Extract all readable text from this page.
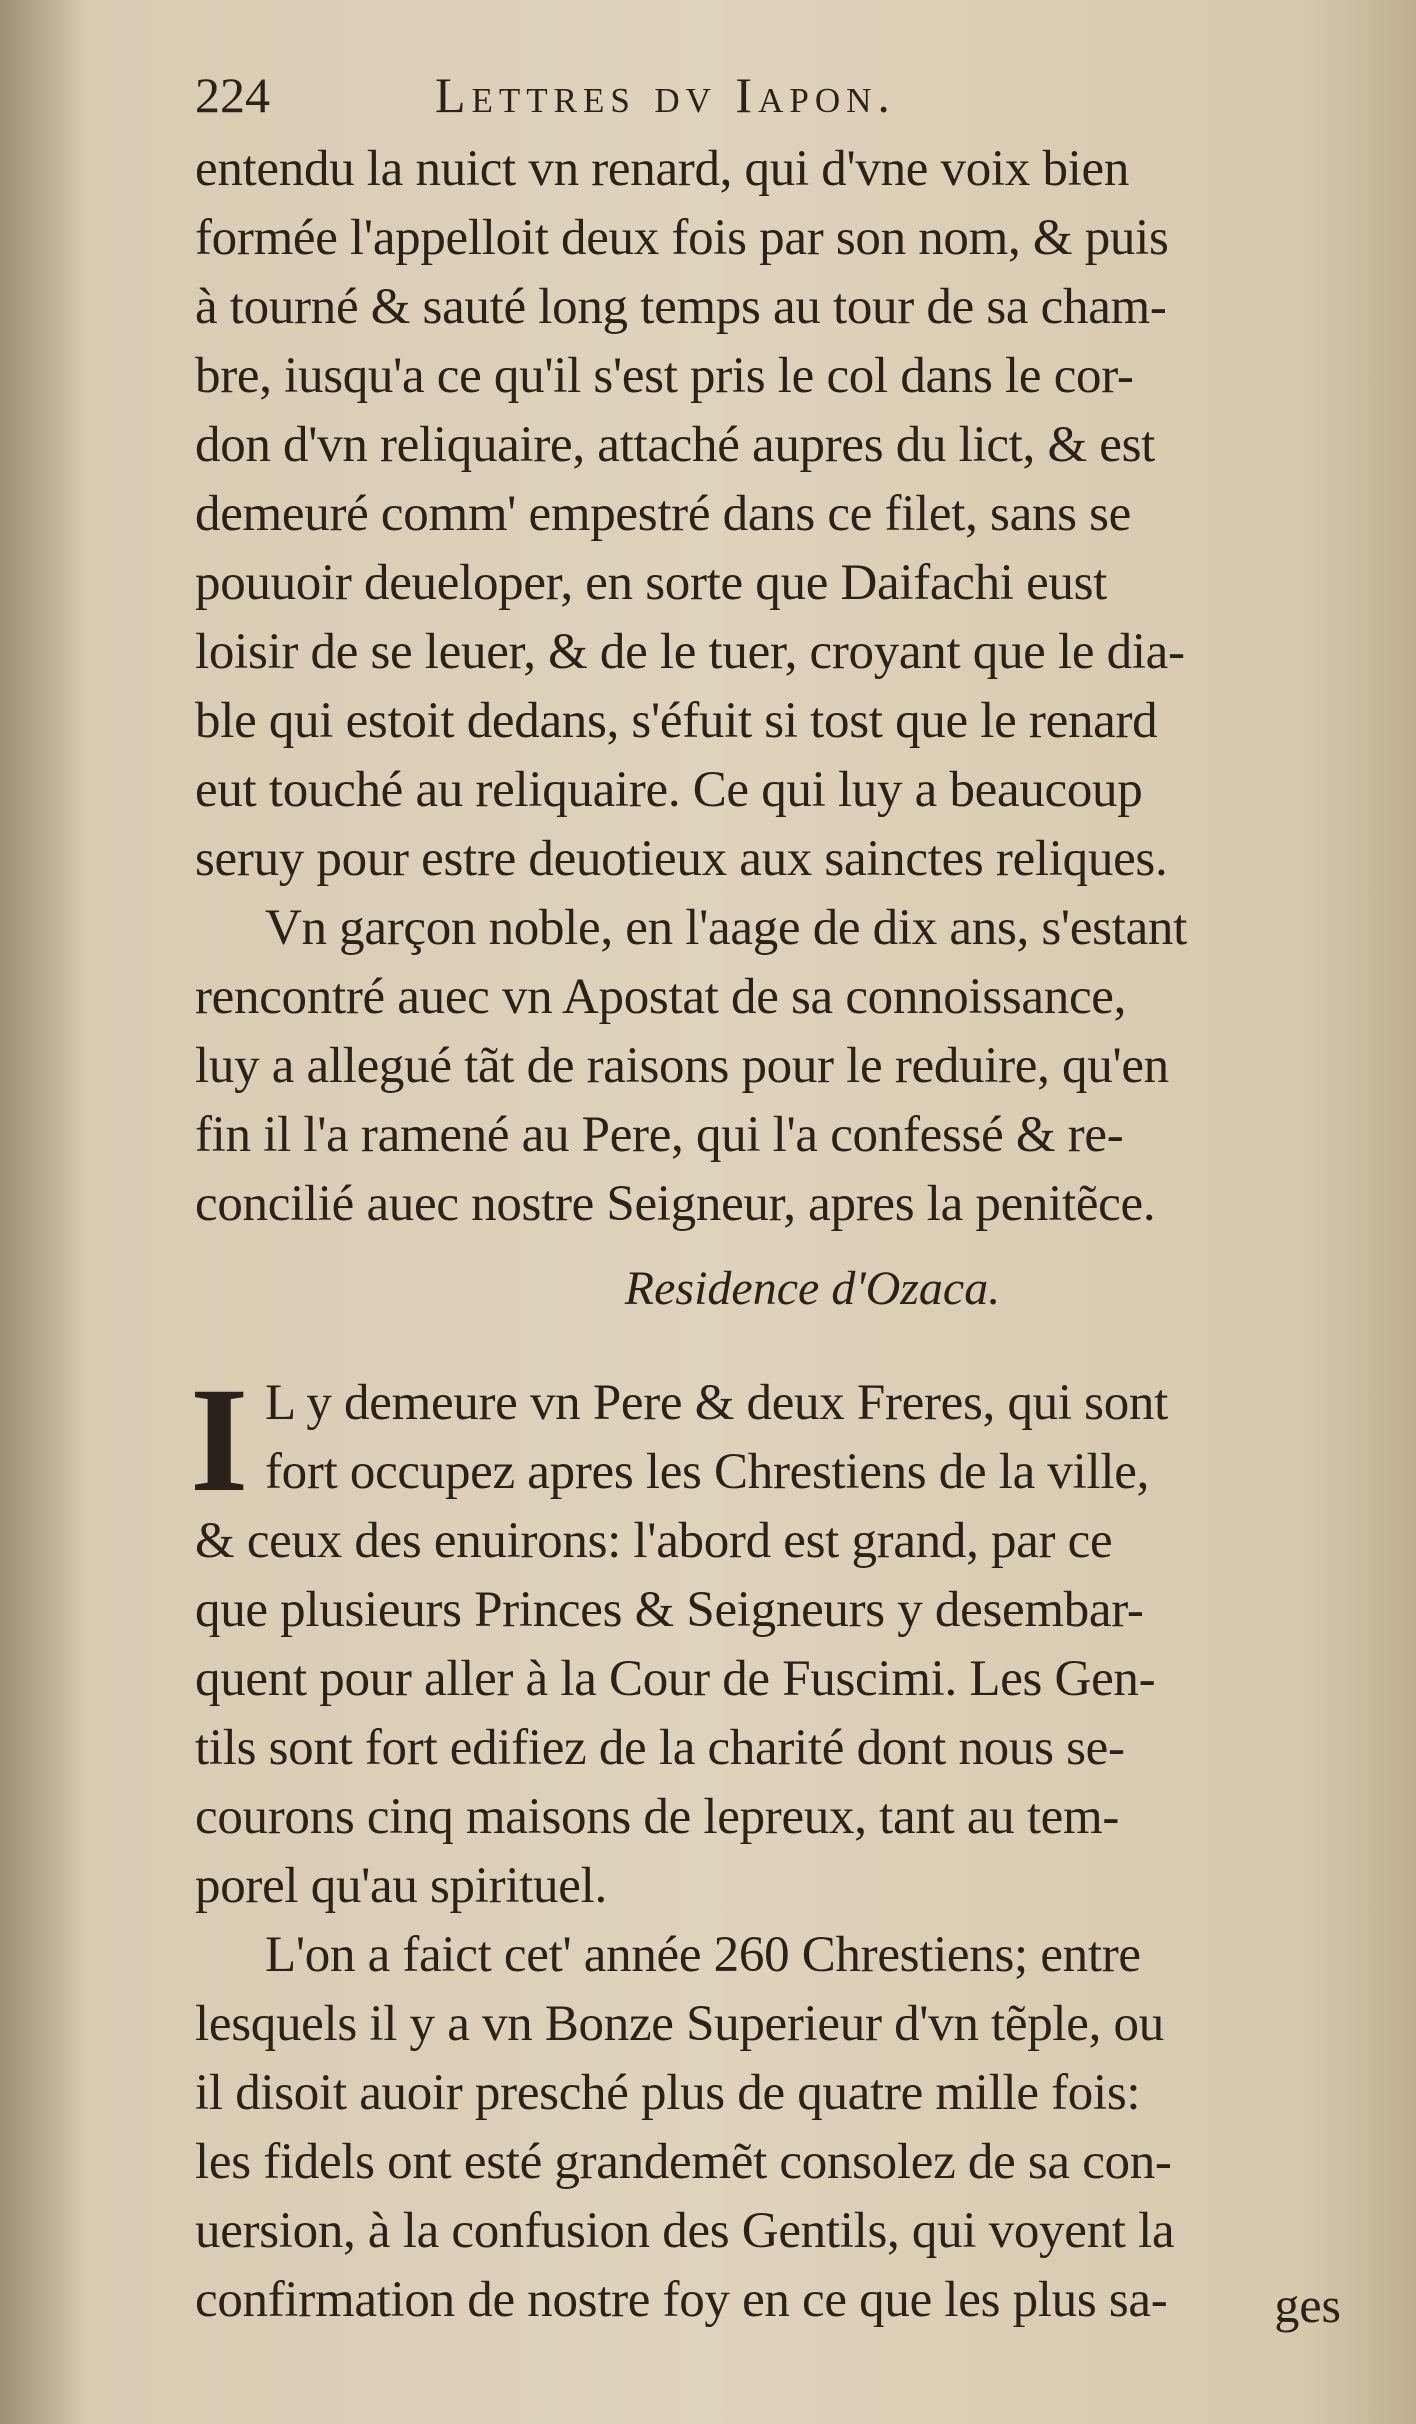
224	Lettres dv Iapon.
entendu la nuict vn renard, qui d'vne voix bien
formée l'appelloit deux fois par son nom, & puis
à tourné & sauté long temps au tour de sa cham-
bre, iusqu'a ce qu'il s'est pris le col dans le cor-
don d'vn reliquaire, attaché aupres du lict, & est
demeuré comm' empestré dans ce filet, sans se
pouuoir deueloper, en sorte que Daifachi eust
loisir de se leuer, & de le tuer, croyant que le dia-
ble qui estoit dedans, s'éfuit si tost que le renard
eut touché au reliquaire. Ce qui luy a beaucoup
seruy pour estre deuotieux aux sainctes reliques.
Vn garçon noble, en l'aage de dix ans, s'estant
rencontré auec vn Apostat de sa connoissance,
luy a allegué tãt de raisons pour le reduire, qu'en
fin il l'a ramené au Pere, qui l'a confessé & re-
concilié auec nostre Seigneur, apres la penitẽce.
Residence d'Ozaca.
I L y demeure vn Pere & deux Freres, qui sont
fort occupez apres les Chrestiens de la ville,
& ceux des enuirons: l'abord est grand, par ce
que plusieurs Princes & Seigneurs y desembar-
quent pour aller à la Cour de Fuscimi. Les Gen-
tils sont fort edifiez de la charité dont nous se-
courons cinq maisons de lepreux, tant au tem-
porel qu'au spirituel.
L'on a faict cet' année 260 Chrestiens; entre
lesquels il y a vn Bonze Superieur d'vn tẽple, ou
il disoit auoir presché plus de quatre mille fois:
les fidels ont esté grandemẽt consolez de sa con-
uersion, à la confusion des Gentils, qui voyent la
confirmation de nostre foy en ce que les plus sa-	ges
